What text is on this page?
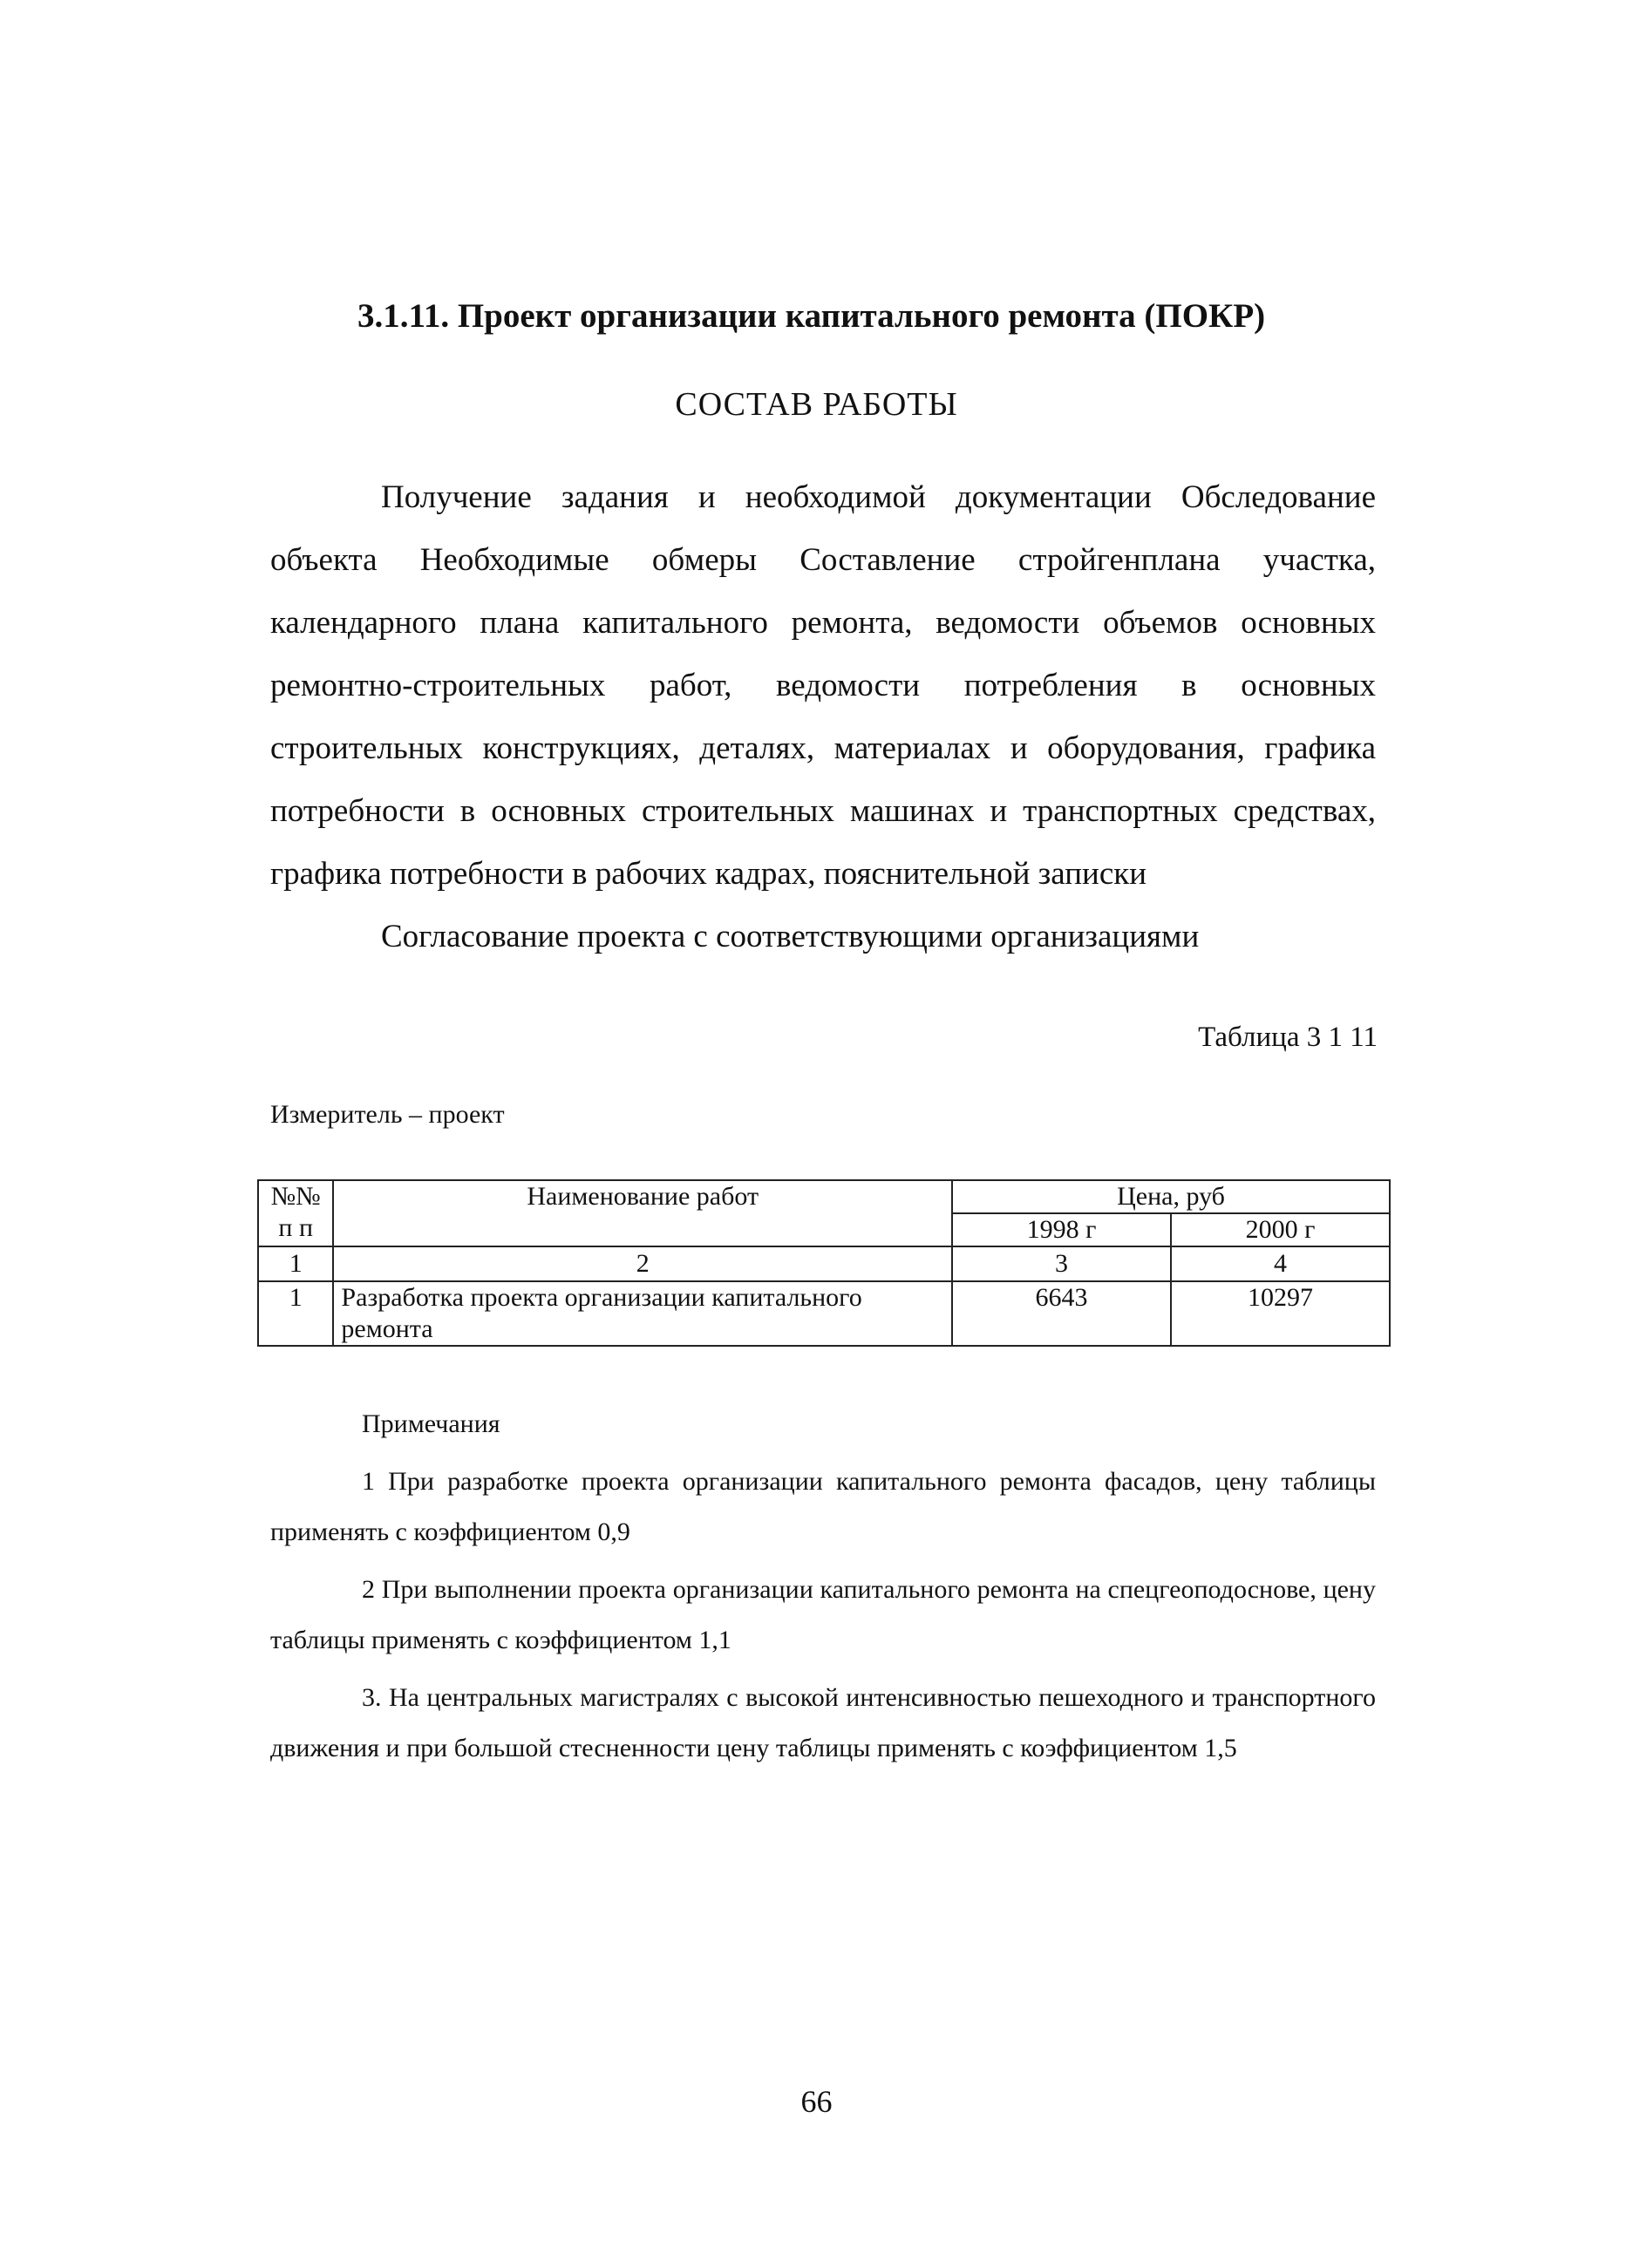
3.1.11. Проект организации капитального ремонта (ПОКР)
СОСТАВ РАБОТЫ

Получение задания и необходимой документации Обследование объекта Необходимые обмеры Составление стройгенплана участка, календарного плана капитального ремонта, ведомости объемов основных ремонтно-строительных работ, ведомости потребления в основных строительных конструкциях, деталях, материалах и оборудования, графика потребности в основных строительных машинах и транспортных средствах, графика потребности в рабочих кадрах, пояснительной записки

Согласование проекта с соответствующими организациями

Таблица 3 1 11
Измеритель – проект
№№ п п	Наименование работ	Цена, руб	
		1998 г	2000 г
1	2	3	4
1	Разработка проекта организации капитального ремонта	6643	10297

Примечания

1 При разработке проекта организации капитального ремонта фасадов, цену таблицы применять с коэффициентом 0,9

2 При выполнении проекта организации капитального ремонта на спецгеоподоснове, цену таблицы применять с коэффициентом 1,1

3. На центральных магистралях с высокой интенсивностью пешеходного и транспортного движения и при большой стесненности цену таблицы применять с коэффициентом 1,5

66
